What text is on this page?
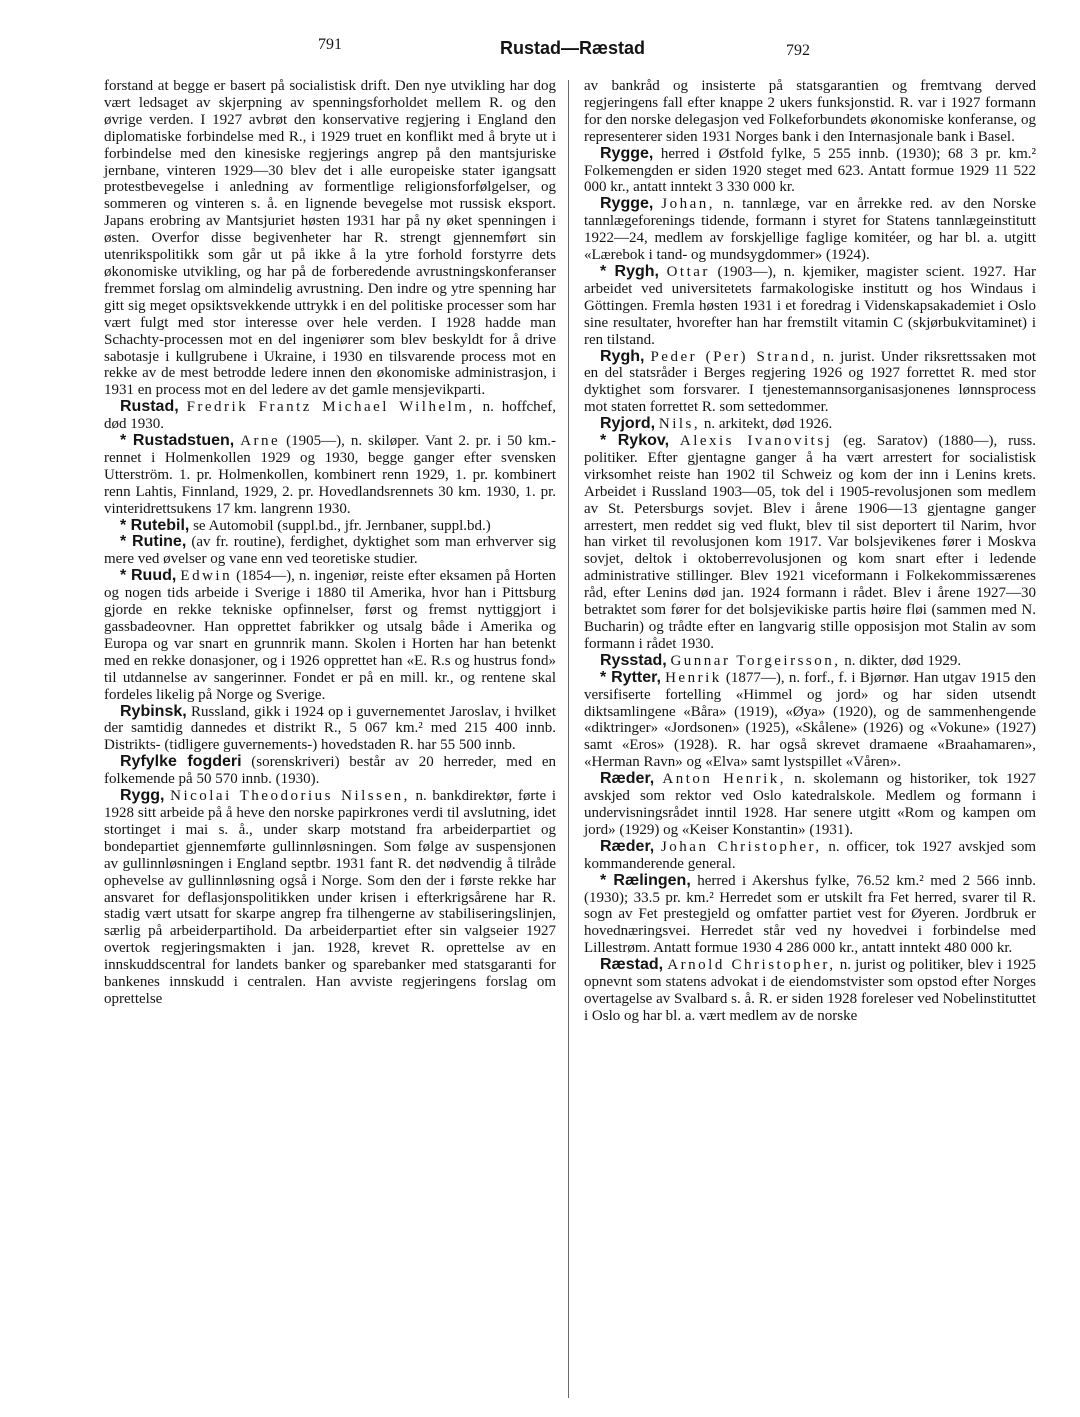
791	Rustad—Ræstad	792

forstand at begge er basert på socialistisk drift. Den nye utvikling har dog vært ledsaget av skjerpning av spenningsforholdet mellem R. og den øvrige verden. I 1927 avbrøt den konservative regjering i England den diplomatiske forbindelse med R., i 1929 truet en konflikt med å bryte ut i forbindelse med den kinesiske regjerings angrep på den mantsjuriske jernbane, vinteren 1929—30 blev det i alle europeiske stater igangsatt protestbevegelse i anledning av formentlige religionsforfølgelser, og sommeren og vinteren s. å. en lignende bevegelse mot russisk eksport. Japans erobring av Mantsjuriet høsten 1931 har på ny øket spenningen i østen. Overfor disse begivenheter har R. strengt gjennemført sin utenrikspolitikk som går ut på ikke å la ytre forhold forstyrre dets økonomiske utvikling, og har på de forberedende avrustningskonferanser fremmet forslag om almindelig avrustning. Den indre og ytre spenning har gitt sig meget opsiktsvekkende uttrykk i en del politiske processer som har vært fulgt med stor interesse over hele verden. I 1928 hadde man Schachty-processen mot en del ingeniører som blev beskyldt for å drive sabotasje i kullgrubene i Ukraine, i 1930 en tilsvarende process mot en rekke av de mest betrodde ledere innen den økonomiske administrasjon, i 1931 en process mot en del ledere av det gamle mensjevikparti.

Rustad, Fredrik Frantz Michael Wilhelm, n. hoffchef, død 1930.

* Rustadstuen, Arne (1905—), n. skiløper. Vant 2. pr. i 50 km.-rennet i Holmenkollen 1929 og 1930, begge ganger efter svensken Utterström. 1. pr. Holmenkollen, kombinert renn 1929, 1. pr. kombinert renn Lahtis, Finnland, 1929, 2. pr. Hovedlandsrennets 30 km. 1930, 1. pr. vinteridrettsukens 17 km. langrenn 1930.

* Rutebil, se Automobil (suppl.bd., jfr. Jernbaner, suppl.bd.)

* Rutine, (av fr. routine), ferdighet, dyktighet som man erhverver sig mere ved øvelser og vane enn ved teoretiske studier.

* Ruud, Edwin (1854—), n. ingeniør, reiste efter eksamen på Horten og nogen tids arbeide i Sverige i 1880 til Amerika, hvor han i Pittsburg gjorde en rekke tekniske opfinnelser, først og fremst nyttiggjort i gassbadeovner. Han opprettet fabrikker og utsalg både i Amerika og Europa og var snart en grunnrik mann. Skolen i Horten har han betenkt med en rekke donasjoner, og i 1926 opprettet han «E. R.s og hustrus fond» til utdannelse av sangerinner. Fondet er på en mill. kr., og rentene skal fordeles likelig på Norge og Sverige.

Rybinsk, Russland, gikk i 1924 op i guvernementet Jaroslav, i hvilket der samtidig dannedes et distrikt R., 5 067 km.² med 215 400 innb. Distrikts- (tidligere guvernements-) hovedstaden R. har 55 500 innb.

Ryfylke fogderi (sorenskriveri) består av 20 herreder, med en folkemende på 50 570 innb. (1930).

Rygg, Nicolai Theodorius Nilssen, n. bankdirektør, førte i 1928 sitt arbeide på å heve den norske papirkrones verdi til avslutning, idet stortinget i mai s. å., under skarp motstand fra arbeiderpartiet og bondepartiet gjennemførte gullinnløsningen. Som følge av suspensjonen av gullinnløsningen i England septbr. 1931 fant R. det nødvendig å tilråde ophevelse av gullinnløsning også i Norge. Som den der i første rekke har ansvaret for deflasjonspolitikken under krisen i efterkrigsårene har R. stadig vært utsatt for skarpe angrep fra tilhengerne av stabiliseringslinjen, særlig på arbeiderpartihold. Da arbeiderpartiet efter sin valgseier 1927 overtok regjeringsmakten i jan. 1928, krevet R. oprettelse av en innskuddscentral for landets banker og sparebanker med statsgaranti for bankenes innskudd i centralen. Han avviste regjeringens forslag om oprettelse

av bankråd og insisterte på statsgarantien og fremtvang derved regjeringens fall efter knappe 2 ukers funksjonstid. R. var i 1927 formann for den norske delegasjon ved Folkeforbundets økonomiske konferanse, og representerer siden 1931 Norges bank i den Internasjonale bank i Basel.

Rygge, herred i Østfold fylke, 5 255 innb. (1930); 68 3 pr. km.² Folkemengden er siden 1920 steget med 623. Antatt formue 1929 11 522 000 kr., antatt inntekt 3 330 000 kr.

Rygge, Johan, n. tannlæge, var en årrekke red. av den Norske tannlægeforenings tidende, formann i styret for Statens tannlægeinstitutt 1922—24, medlem av forskjellige faglige komitéer, og har bl. a. utgitt «Lærebok i tand- og mundsygdommer» (1924).

* Rygh, Ottar (1903—), n. kjemiker, magister scient. 1927. Har arbeidet ved universitetets farmakologiske institutt og hos Windaus i Göttingen. Fremla høsten 1931 i et foredrag i Videnskapsakademiet i Oslo sine resultater, hvorefter han har fremstilt vitamin C (skjørbukvitaminet) i ren tilstand.

Rygh, Peder (Per) Strand, n. jurist. Under riksrettssaken mot en del statsråder i Berges regjering 1926 og 1927 forrettet R. med stor dyktighet som forsvarer. I tjenestemannsorganisasjonenes lønnsprocess mot staten forrettet R. som settedommer.

Ryjord, Nils, n. arkitekt, død 1926.

* Rykov, Alexis Ivanovitsj (eg. Saratov) (1880—), russ. politiker. Efter gjentagne ganger å ha vært arrestert for socialistisk virksomhet reiste han 1902 til Schweiz og kom der inn i Lenins krets. Arbeidet i Russland 1903—05, tok del i 1905-revolusjonen som medlem av St. Petersburgs sovjet. Blev i årene 1906—13 gjentagne ganger arrestert, men reddet sig ved flukt, blev til sist deportert til Narim, hvor han virket til revolusjonen kom 1917. Var bolsjevikenes fører i Moskva sovjet, deltok i oktoberrevolusjonen og kom snart efter i ledende administrative stillinger. Blev 1921 viceformann i Folkekommissærenes råd, efter Lenins død jan. 1924 formann i rådet. Blev i årene 1927—30 betraktet som fører for det bolsjevikiske partis høire fløi (sammen med N. Bucharin) og trådte efter en langvarig stille opposisjon mot Stalin av som formann i rådet 1930.

Rysstad, Gunnar Torgeirsson, n. dikter, død 1929.

* Rytter, Henrik (1877—), n. forf., f. i Bjørnør. Han utgav 1915 den versifiserte fortelling «Himmel og jord» og har siden utsendt diktsamlingene «Båra» (1919), «Øya» (1920), og de sammenhengende «diktringer» «Jordsonen» (1925), «Skålene» (1926) og «Vokune» (1927) samt «Eros» (1928). R. har også skrevet dramaene «Braahamaren», «Herman Ravn» og «Elva» samt lystspillet «Våren».

Ræder, Anton Henrik, n. skolemann og historiker, tok 1927 avskjed som rektor ved Oslo katedralskole. Medlem og formann i undervisningsrådet inntil 1928. Har senere utgitt «Rom og kampen om jord» (1929) og «Keiser Konstantin» (1931).

Ræder, Johan Christopher, n. officer, tok 1927 avskjed som kommanderende general.

* Rælingen, herred i Akershus fylke, 76.52 km.² med 2 566 innb. (1930); 33.5 pr. km.² Herredet som er utskilt fra Fet herred, svarer til R. sogn av Fet prestegjeld og omfatter partiet vest for Øyeren. Jordbruk er hovednæringsvei. Herredet står ved ny hovedvei i forbindelse med Lillestrøm. Antatt formue 1930 4 286 000 kr., antatt inntekt 480 000 kr.

Ræstad, Arnold Christopher, n. jurist og politiker, blev i 1925 opnevnt som statens advokat i de eiendomstvister som opstod efter Norges overtagelse av Svalbard s. å. R. er siden 1928 foreleser ved Nobelinstituttet i Oslo og har bl. a. vært medlem av de norske
